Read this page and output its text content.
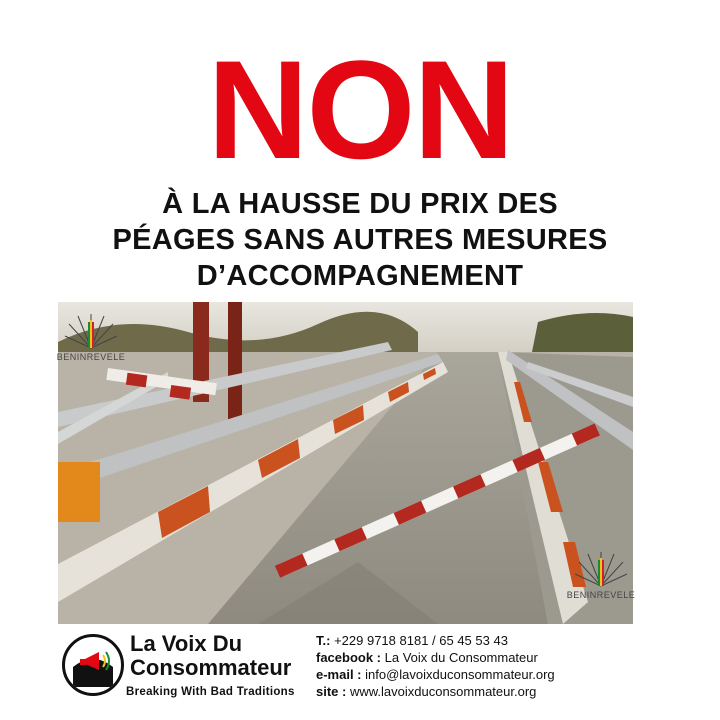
NON
À LA HAUSSE DU PRIX DES
PÉAGES SANS AUTRES MESURES
D’ACCOMPAGNEMENT
BENINREVELE
BENINREVELE
La Voix Du
Consommateur
Breaking With Bad Traditions
T.: +229 9718 8181 / 65 45 53 43
facebook : La Voix du Consommateur
e-mail : info@lavoixduconsommateur.org
site : www.lavoixduconsommateur.org
